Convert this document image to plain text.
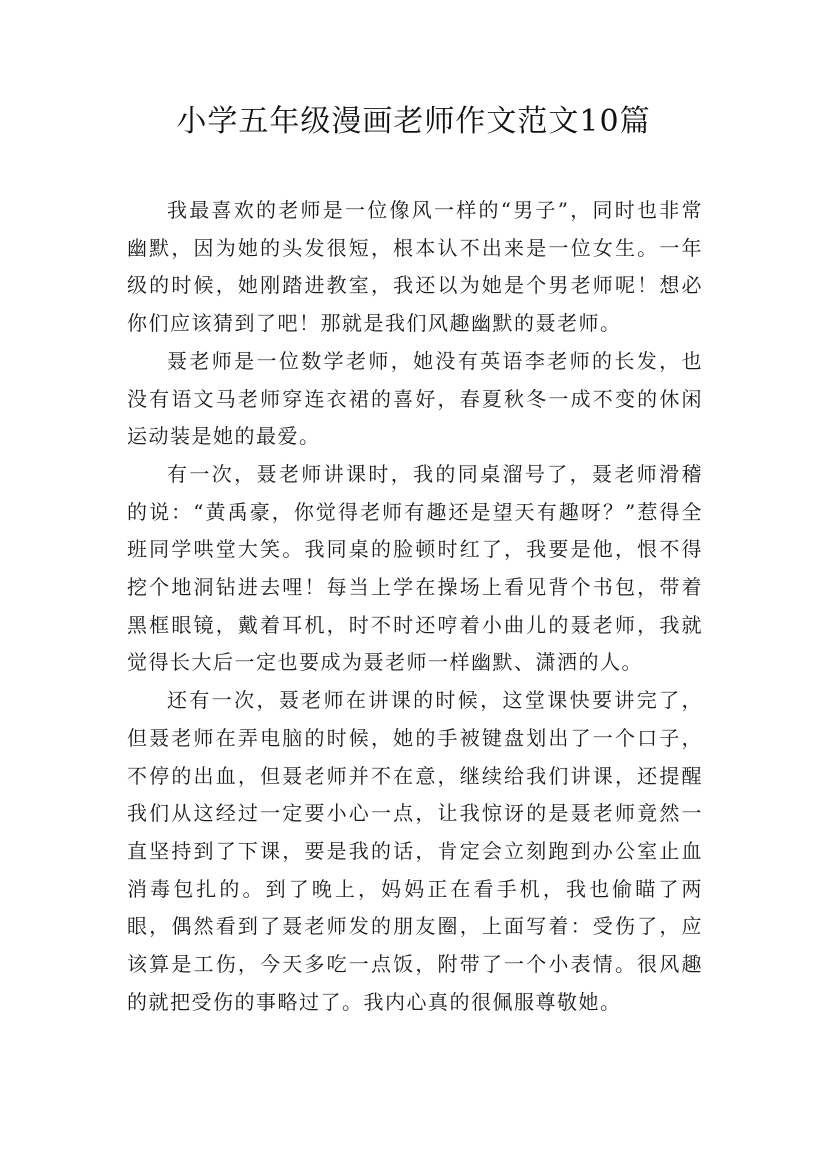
小学五年级漫画老师作文范文10篇

我最喜欢的老师是一位像风一样的“男子”，同时也非常幽默，因为她的头发很短，根本认不出来是一位女生。一年级的时候，她刚踏进教室，我还以为她是个男老师呢！想必你们应该猜到了吧！那就是我们风趣幽默的聂老师。

聂老师是一位数学老师，她没有英语李老师的长发，也没有语文马老师穿连衣裙的喜好，春夏秋冬一成不变的休闲运动装是她的最爱。

有一次，聂老师讲课时，我的同桌溜号了，聂老师滑稽的说：“黄禹豪，你觉得老师有趣还是望天有趣呀？”惹得全班同学哄堂大笑。我同桌的脸顿时红了，我要是他，恨不得挖个地洞钻进去哩！每当上学在操场上看见背个书包，带着黑框眼镜，戴着耳机，时不时还哼着小曲儿的聂老师，我就觉得长大后一定也要成为聂老师一样幽默、潇洒的人。

还有一次，聂老师在讲课的时候，这堂课快要讲完了，但聂老师在弄电脑的时候，她的手被键盘划出了一个口子，不停的出血，但聂老师并不在意，继续给我们讲课，还提醒我们从这经过一定要小心一点，让我惊讶的是聂老师竟然一直坚持到了下课，要是我的话，肯定会立刻跑到办公室止血消毒包扎的。到了晚上，妈妈正在看手机，我也偷瞄了两眼，偶然看到了聂老师发的朋友圈，上面写着：受伤了，应该算是工伤，今天多吃一点饭，附带了一个小表情。很风趣的就把受伤的事略过了。我内心真的很佩服尊敬她。
